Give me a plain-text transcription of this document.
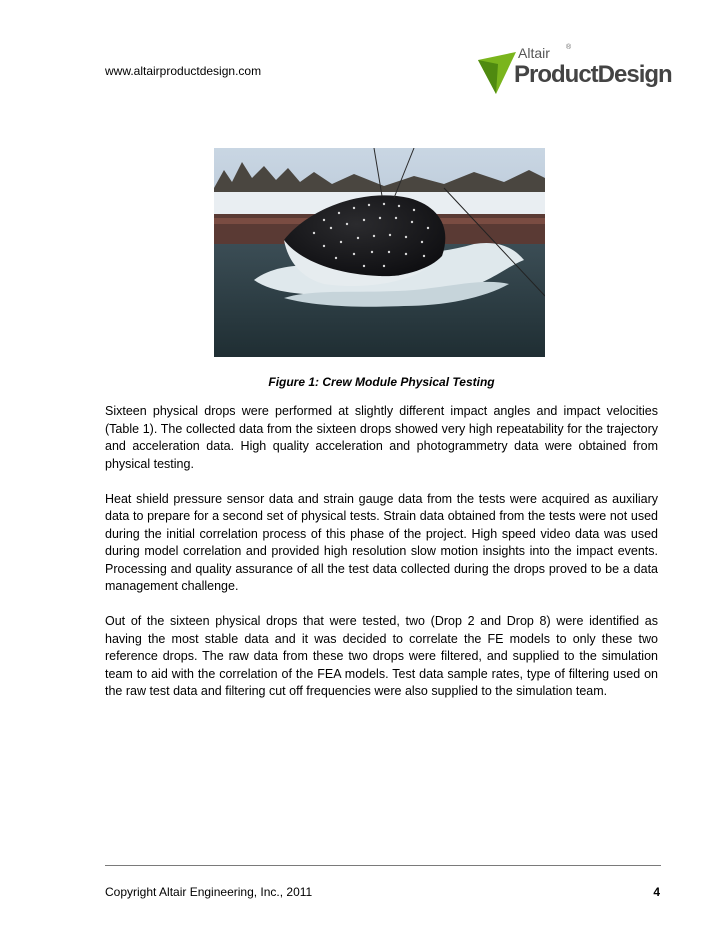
www.altairproductdesign.com
Altair ®
ProductDesign
Figure 1: Crew Module Physical Testing

Sixteen physical drops were performed at slightly different impact angles and impact velocities (Table 1). The collected data from the sixteen drops showed very high repeatability for the trajectory and acceleration data. High quality acceleration and photogrammetry data were obtained from physical testing.

Heat shield pressure sensor data and strain gauge data from the tests were acquired as auxiliary data to prepare for a second set of physical tests. Strain data obtained from the tests were not used during the initial correlation process of this phase of the project. High speed video data was used during model correlation and provided high resolution slow motion insights into the impact events. Processing and quality assurance of all the test data collected during the drops proved to be a data management challenge.

Out of the sixteen physical drops that were tested, two (Drop 2 and Drop 8) were identified as having the most stable data and it was decided to correlate the FE models to only these two reference drops. The raw data from these two drops were filtered, and supplied to the simulation team to aid with the correlation of the FEA models. Test data sample rates, type of filtering used on the raw test data and filtering cut off frequencies were also supplied to the simulation team.

Copyright Altair Engineering, Inc., 2011	4
